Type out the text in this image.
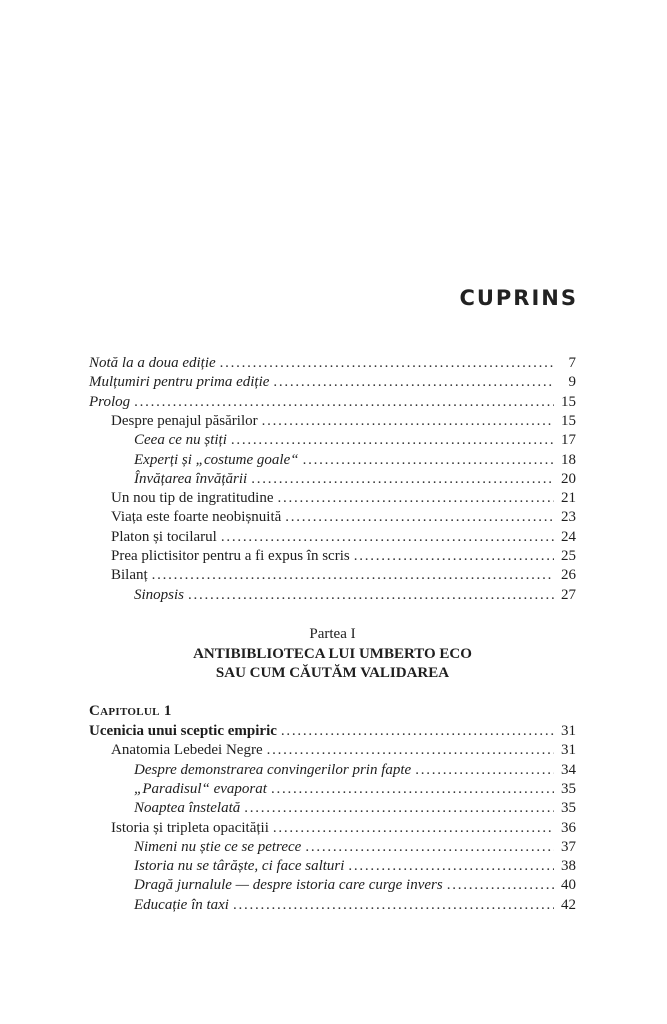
CUPRINS
Notă la a doua ediție . . .	7
Mulțumiri pentru prima ediție . . .	9
Prolog . . .	15
Despre penajul păsărilor . . .	15
Ceea ce nu știți . . .	17
Experți și „costume goale“ . . .	18
Învățarea învățării . . .	20
Un nou tip de ingratitudine . . .	21
Viața este foarte neobișnuită . . .	23
Platon și tocilarul . . .	24
Prea plictisitor pentru a fi expus în scris . . .	25
Bilanț . . .	26
Sinopsis . . .	27
Partea I
ANTIBIBLIOTECA LUI UMBERTO ECO
SAU CUM CĂUTĂM VALIDAREA
Capitolul 1
Ucenicia unui sceptic empiric . . .	31
Anatomia Lebedei Negre . . .	31
Despre demonstrarea convingerilor prin fapte . . .	34
„Paradisul“ evaporat . . .	35
Noaptea înstelată . . .	35
Istoria și tripleta opacității . . .	36
Nimeni nu știe ce se petrece . . .	37
Istoria nu se târăște, ci face salturi . . .	38
Dragă jurnalule — despre istoria care curge invers . . .	40
Educație în taxi . . .	42
